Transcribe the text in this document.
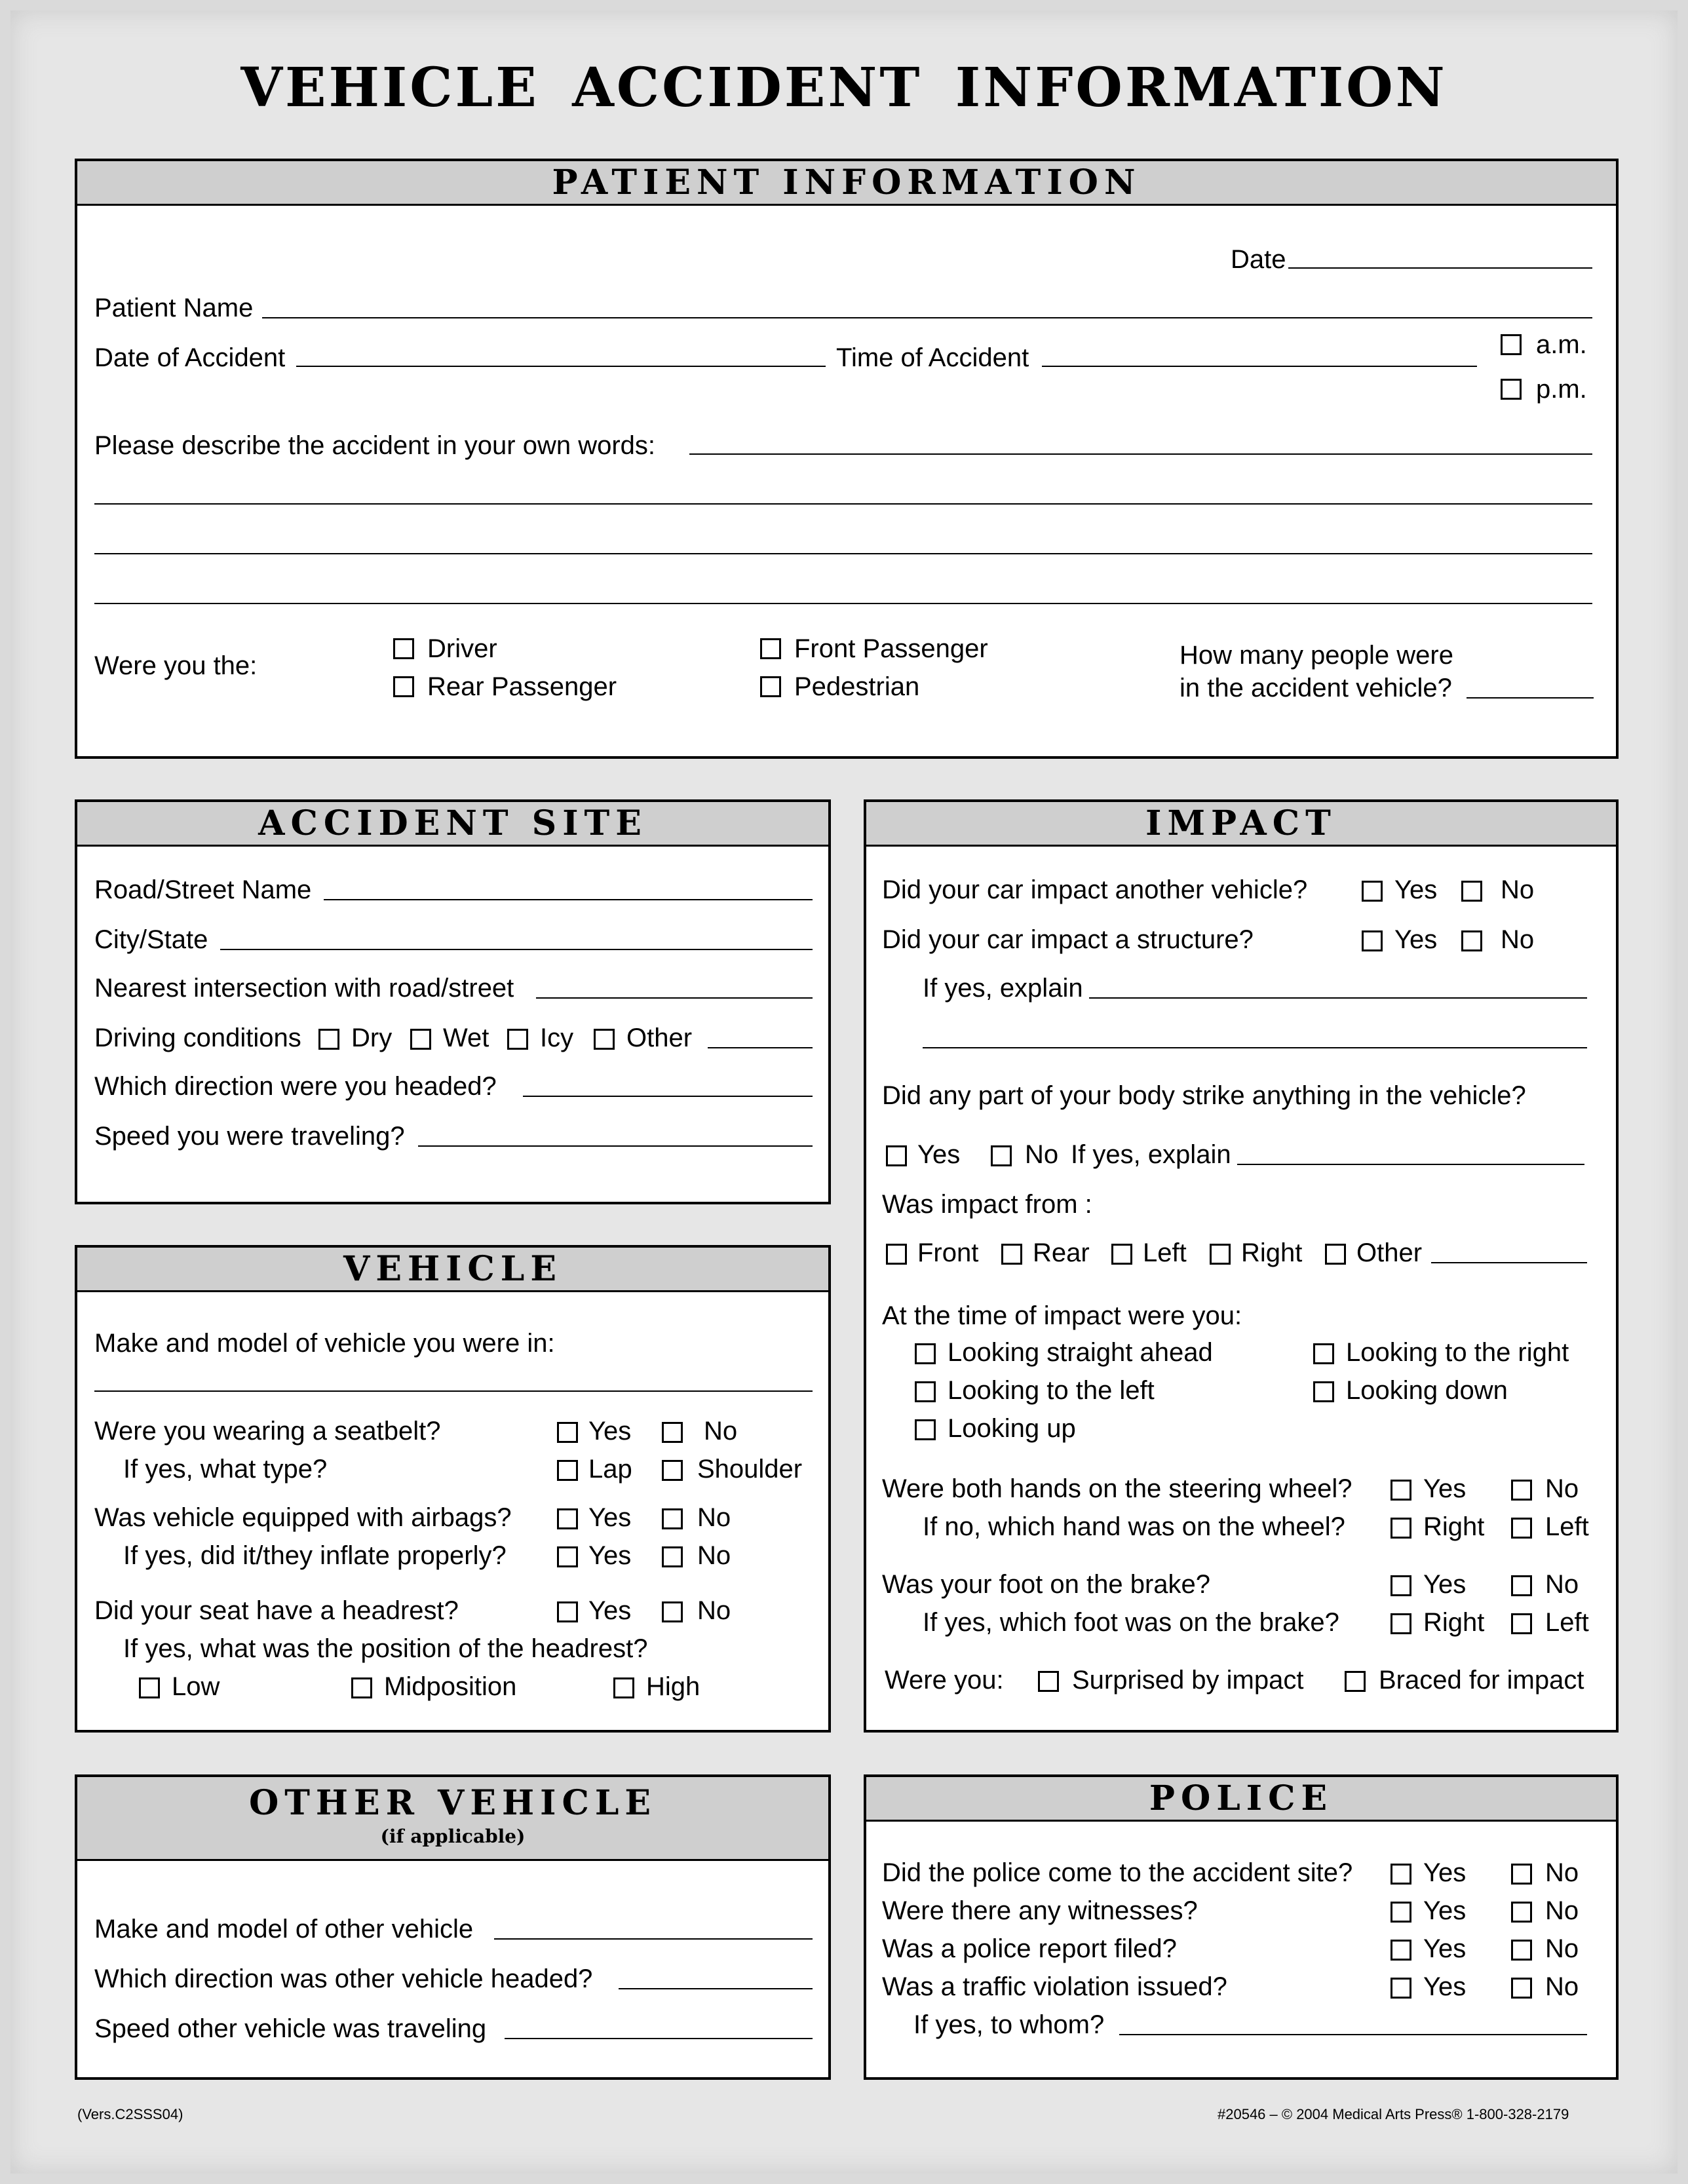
VEHICLE ACCIDENT INFORMATION
PATIENT INFORMATION
Date
Patient Name
Date of Accident	Time of Accident	a.m.
p.m.
Please describe the accident in your own words:
Were you the:
Driver
Rear Passenger
Front Passenger
Pedestrian
How many people were
in the accident vehicle?
ACCIDENT SITE
Road/Street Name
City/State
Nearest intersection with road/street
Driving conditions Dry Wet Icy Other
Which direction were you headed?
Speed you were traveling?
VEHICLE
Make and model of vehicle you were in:
Were you wearing a seatbelt?	Yes	No
If yes, what type?	Lap Shoulder
Was vehicle equipped with airbags?	Yes	No
If yes, did it/they inflate properly?	Yes	No
Did your seat have a headrest?	Yes	No
If yes, what was the position of the headrest?
Low	Midposition	High
OTHER VEHICLE
(if applicable)
Make and model of other vehicle
Which direction was other vehicle headed?
Speed other vehicle was traveling
IMPACT
Did your car impact another vehicle?	Yes No
Did your car impact a structure?	Yes No
If yes, explain
Did any part of your body strike anything in the vehicle?
Yes No If yes, explain
Was impact from :
Front Rear Left Right Other
At the time of impact were you:
Looking straight ahead	Looking to the right
Looking to the left	Looking down
Looking up
Were both hands on the steering wheel?	Yes	No
If no, which hand was on the wheel?	Right Left
Was your foot on the brake?	Yes	No
If yes, which foot was on the brake?	Right Left
Were you:	Surprised by impact	Braced for impact
POLICE
Did the police come to the accident site?	Yes	No
Were there any witnesses?	Yes	No
Was a police report filed?	Yes	No
Was a traffic violation issued?	Yes	No
If yes, to whom?
(Vers.C2SSS04)	#20546 – © 2004 Medical Arts Press® 1-800-328-2179
